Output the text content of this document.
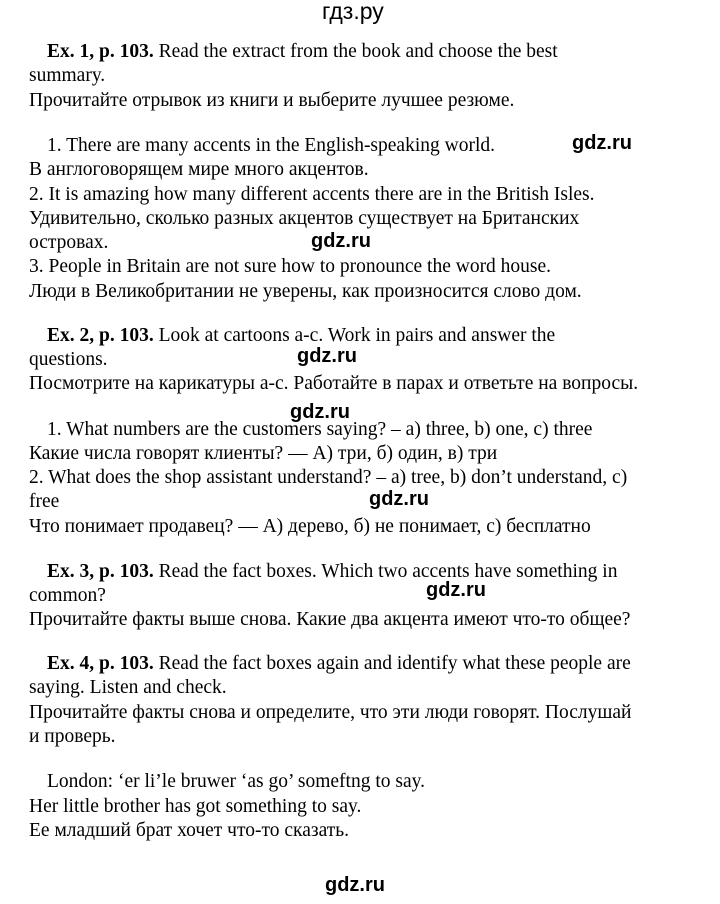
гдз.ру
Ex. 1, p. 103. Read the extract from the book and choose the best
summary.
Прочитайте отрывок из книги и выберите лучшее резюме.
1. There are many accents in the English-speaking world.
В англоговорящем мире много акцентов.
2. It is amazing how many different accents there are in the British Isles.
Удивительно, сколько разных акцентов существует на Британских
островах.
3. People in Britain are not sure how to pronounce the word house.
Люди в Великобритании не уверены, как произносится слово дом.
Ex. 2, p. 103. Look at cartoons a-c. Work in pairs and answer the
questions.
Посмотрите на карикатуры а-с. Работайте в парах и ответьте на вопросы.
1. What numbers are the customers saying? – a) three, b) one, c) three
Какие числа говорят клиенты? — А) три, б) один, в) три
2. What does the shop assistant understand? – a) tree, b) don’t understand, c)
free
Что понимает продавец? — А) дерево, б) не понимает, с) бесплатно
Ex. 3, p. 103. Read the fact boxes. Which two accents have something in
common?
Прочитайте факты выше снова. Какие два акцента имеют что-то общее?
Ex. 4, p. 103. Read the fact boxes again and identify what these people are
saying. Listen and check.
Прочитайте факты снова и определите, что эти люди говорят. Послушай
и проверь.
London: ‘er li’le bruwer ‘as go’ someftng to say.
Her little brother has got something to say.
Ее младший брат хочет что-то сказать.
gdz.ru
gdz.ru
gdz.ru
gdz.ru
gdz.ru
gdz.ru
gdz.ru
